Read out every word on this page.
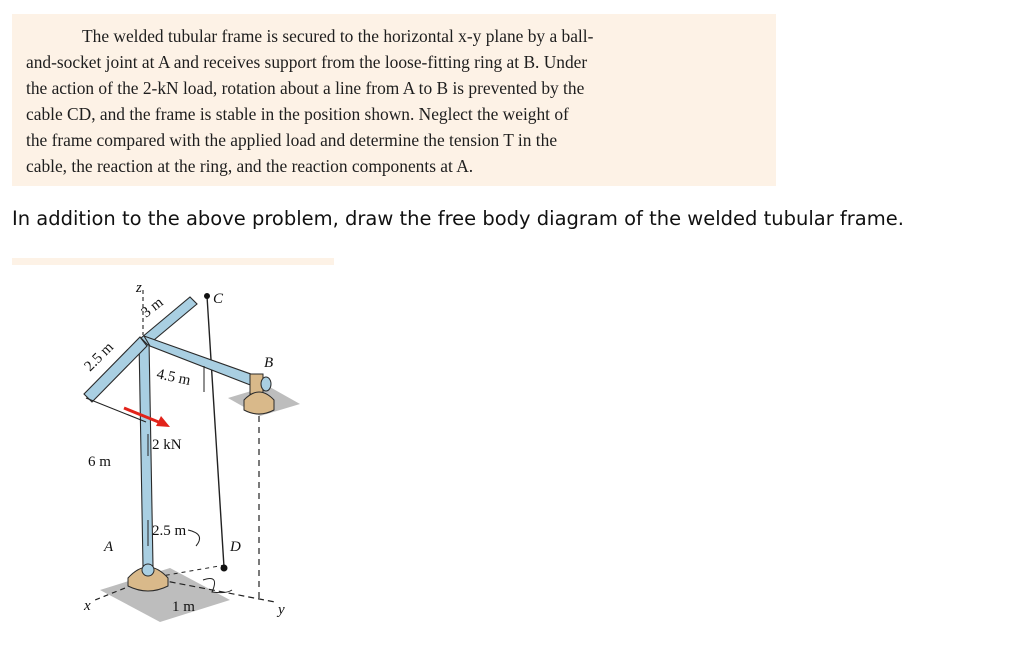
The welded tubular frame is secured to the horizontal x-y plane by a ball-
and-socket joint at A and receives support from the loose-fitting ring at B. Under
the action of the 2-kN load, rotation about a line from A to B is prevented by the
cable CD, and the frame is stable in the position shown. Neglect the weight of
the frame compared with the applied load and determine the tension T in the
cable, the reaction at the ring, and the reaction components at A.
In addition to the above problem, draw the free body diagram of the welded tubular frame.
z
3 m	C
2.5 m
4.5 m
B
2 kN
6 m
2.5 m
A	D
x	1 m	y
